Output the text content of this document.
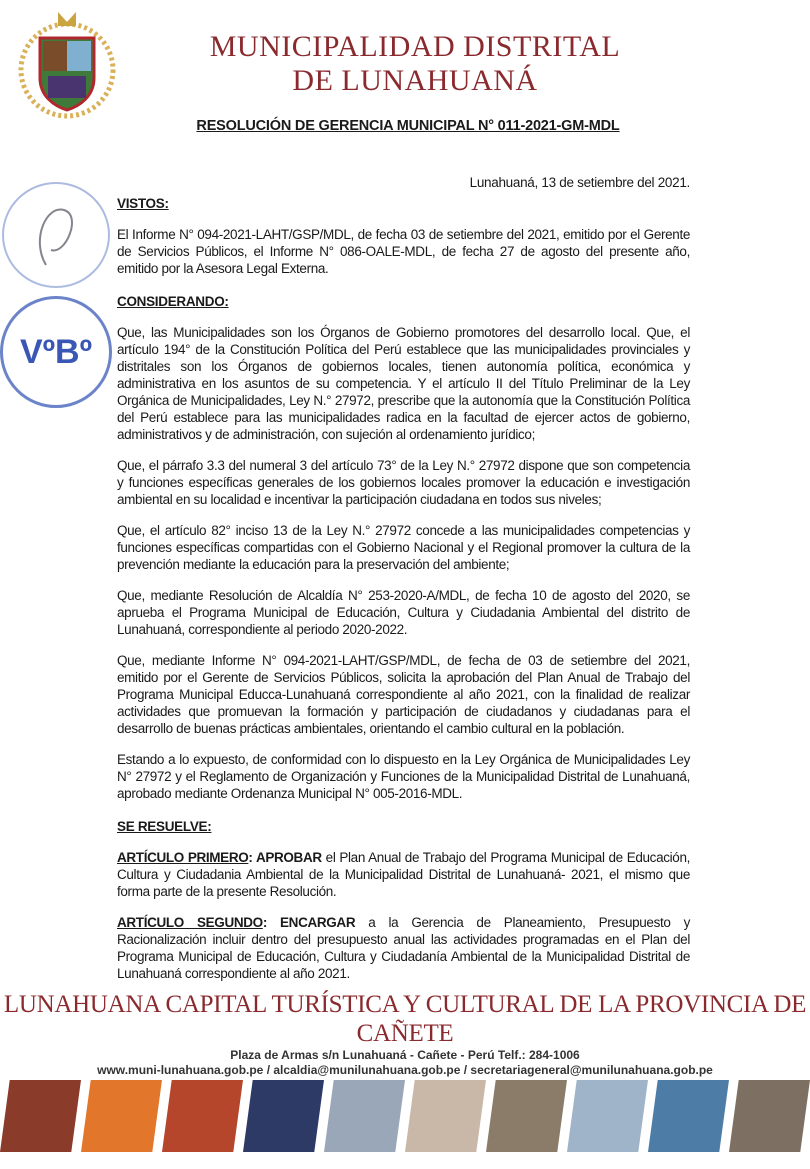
MUNICIPALIDAD DISTRITAL
DE LUNAHUANÁ
RESOLUCIÓN DE GERENCIA MUNICIPAL N° 011-2021-GM-MDL
VºBº
Lunahuaná, 13 de setiembre del 2021.
VISTOS:
El Informe N° 094-2021-LAHT/GSP/MDL, de fecha 03 de setiembre del 2021, emitido por el Gerente de Servicios Públicos, el Informe N° 086-OALE-MDL, de fecha 27 de agosto del presente año, emitido por la Asesora Legal Externa.
CONSIDERANDO:
Que, las Municipalidades son los Órganos de Gobierno promotores del desarrollo local. Que, el artículo 194° de la Constitución Política del Perú establece que las municipalidades provinciales y distritales son los Órganos de gobiernos locales, tienen autonomía política, económica y administrativa en los asuntos de su competencia. Y el artículo II del Título Preliminar de la Ley Orgánica de Municipalidades, Ley N.° 27972, prescribe que la autonomía que la Constitución Política del Perú establece para las municipalidades radica en la facultad de ejercer actos de gobierno, administrativos y de administración, con sujeción al ordenamiento jurídico;
Que, el párrafo 3.3 del numeral 3 del artículo 73° de la Ley N.° 27972 dispone que son competencia y funciones específicas generales de los gobiernos locales promover la educación e investigación ambiental en su localidad e incentivar la participación ciudadana en todos sus niveles;
Que, el artículo 82° inciso 13 de la Ley N.° 27972 concede a las municipalidades competencias y funciones específicas compartidas con el Gobierno Nacional y el Regional promover la cultura de la prevención mediante la educación para la preservación del ambiente;
Que, mediante Resolución de Alcaldía N° 253-2020-A/MDL, de fecha 10 de agosto del 2020, se aprueba el Programa Municipal de Educación, Cultura y Ciudadania Ambiental del distrito de Lunahuaná, correspondiente al periodo 2020-2022.
Que, mediante Informe N° 094-2021-LAHT/GSP/MDL, de fecha de 03 de setiembre del 2021, emitido por el Gerente de Servicios Públicos, solicita la aprobación del Plan Anual de Trabajo del Programa Municipal Educca-Lunahuaná correspondiente al año 2021, con la finalidad de realizar actividades que promuevan la formación y participación de ciudadanos y ciudadanas para el desarrollo de buenas prácticas ambientales, orientando el cambio cultural en la población.
Estando a lo expuesto, de conformidad con lo dispuesto en la Ley Orgánica de Municipalidades Ley N° 27972 y el Reglamento de Organización y Funciones de la Municipalidad Distrital de Lunahuaná, aprobado mediante Ordenanza Municipal N° 005-2016-MDL.
SE RESUELVE:
ARTÍCULO PRIMERO: APROBAR el Plan Anual de Trabajo del Programa Municipal de Educación, Cultura y Ciudadania Ambiental de la Municipalidad Distrital de Lunahuaná- 2021, el mismo que forma parte de la presente Resolución.
ARTÍCULO SEGUNDO: ENCARGAR a la Gerencia de Planeamiento, Presupuesto y Racionalización incluir dentro del presupuesto anual las actividades programadas en el Plan del Programa Municipal de Educación, Cultura y Ciudadanía Ambiental de la Municipalidad Distrital de Lunahuaná correspondiente al año 2021.
LUNAHUANA CAPITAL TURÍSTICA Y CULTURAL DE LA PROVINCIA DE CAÑETE
Plaza de Armas s/n Lunahuaná - Cañete - Perú Telf.: 284-1006
www.muni-lunahuana.gob.pe / alcaldia@munilunahuana.gob.pe / secretariageneral@munilunahuana.gob.pe
